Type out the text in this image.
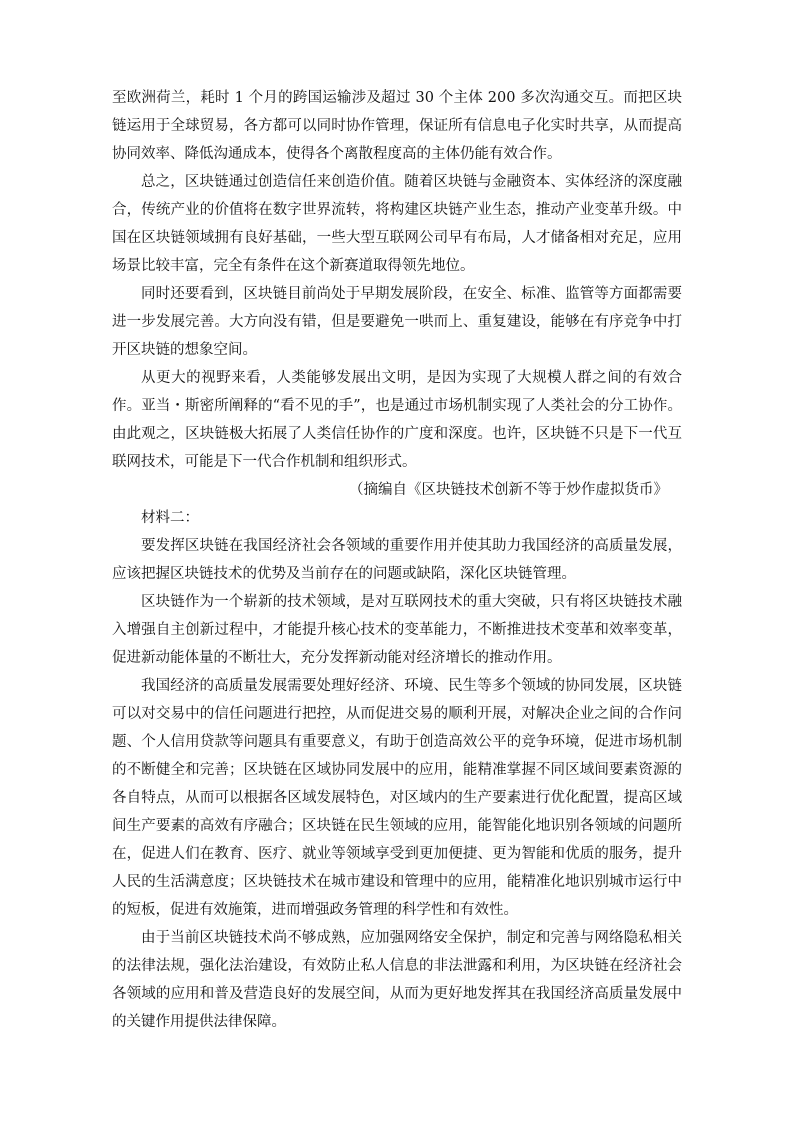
至欧洲荷兰，耗时 1 个月的跨国运输涉及超过 30 个主体 200 多次沟通交互。而把区块链运用于全球贸易，各方都可以同时协作管理，保证所有信息电子化实时共享，从而提高协同效率、降低沟通成本，使得各个离散程度高的主体仍能有效合作。

总之，区块链通过创造信任来创造价值。随着区块链与金融资本、实体经济的深度融合，传统产业的价值将在数字世界流转，将构建区块链产业生态，推动产业变革升级。中国在区块链领域拥有良好基础，一些大型互联网公司早有布局，人才储备相对充足，应用场景比较丰富，完全有条件在这个新赛道取得领先地位。

同时还要看到，区块链目前尚处于早期发展阶段，在安全、标准、监管等方面都需要进一步发展完善。大方向没有错，但是要避免一哄而上、重复建设，能够在有序竞争中打开区块链的想象空间。

从更大的视野来看，人类能够发展出文明，是因为实现了大规模人群之间的有效合作。亚当・斯密所阐释的“看不见的手”，也是通过市场机制实现了人类社会的分工协作。由此观之，区块链极大拓展了人类信任协作的广度和深度。也许，区块链不只是下一代互联网技术，可能是下一代合作机制和组织形式。

（摘编自《区块链技术创新不等于炒作虚拟货币》

材料二：

要发挥区块链在我国经济社会各领域的重要作用并使其助力我国经济的高质量发展，应该把握区块链技术的优势及当前存在的问题或缺陷，深化区块链管理。

区块链作为一个崭新的技术领域，是对互联网技术的重大突破，只有将区块链技术融入增强自主创新过程中，才能提升核心技术的变革能力，不断推进技术变革和效率变革，促进新动能体量的不断壮大，充分发挥新动能对经济增长的推动作用。

我国经济的高质量发展需要处理好经济、环境、民生等多个领域的协同发展，区块链可以对交易中的信任问题进行把控，从而促进交易的顺利开展，对解决企业之间的合作问题、个人信用贷款等问题具有重要意义，有助于创造高效公平的竞争环境，促进市场机制的不断健全和完善；区块链在区域协同发展中的应用，能精准掌握不同区域间要素资源的各自特点，从而可以根据各区域发展特色，对区域内的生产要素进行优化配置，提高区域间生产要素的高效有序融合；区块链在民生领域的应用，能智能化地识别各领域的问题所在，促进人们在教育、医疗、就业等领域享受到更加便捷、更为智能和优质的服务，提升人民的生活满意度；区块链技术在城市建设和管理中的应用，能精准化地识别城市运行中的短板，促进有效施策，进而增强政务管理的科学性和有效性。

由于当前区块链技术尚不够成熟，应加强网络安全保护，制定和完善与网络隐私相关的法律法规，强化法治建设，有效防止私人信息的非法泄露和利用，为区块链在经济社会各领域的应用和普及营造良好的发展空间，从而为更好地发挥其在我国经济高质量发展中的关键作用提供法律保障。
